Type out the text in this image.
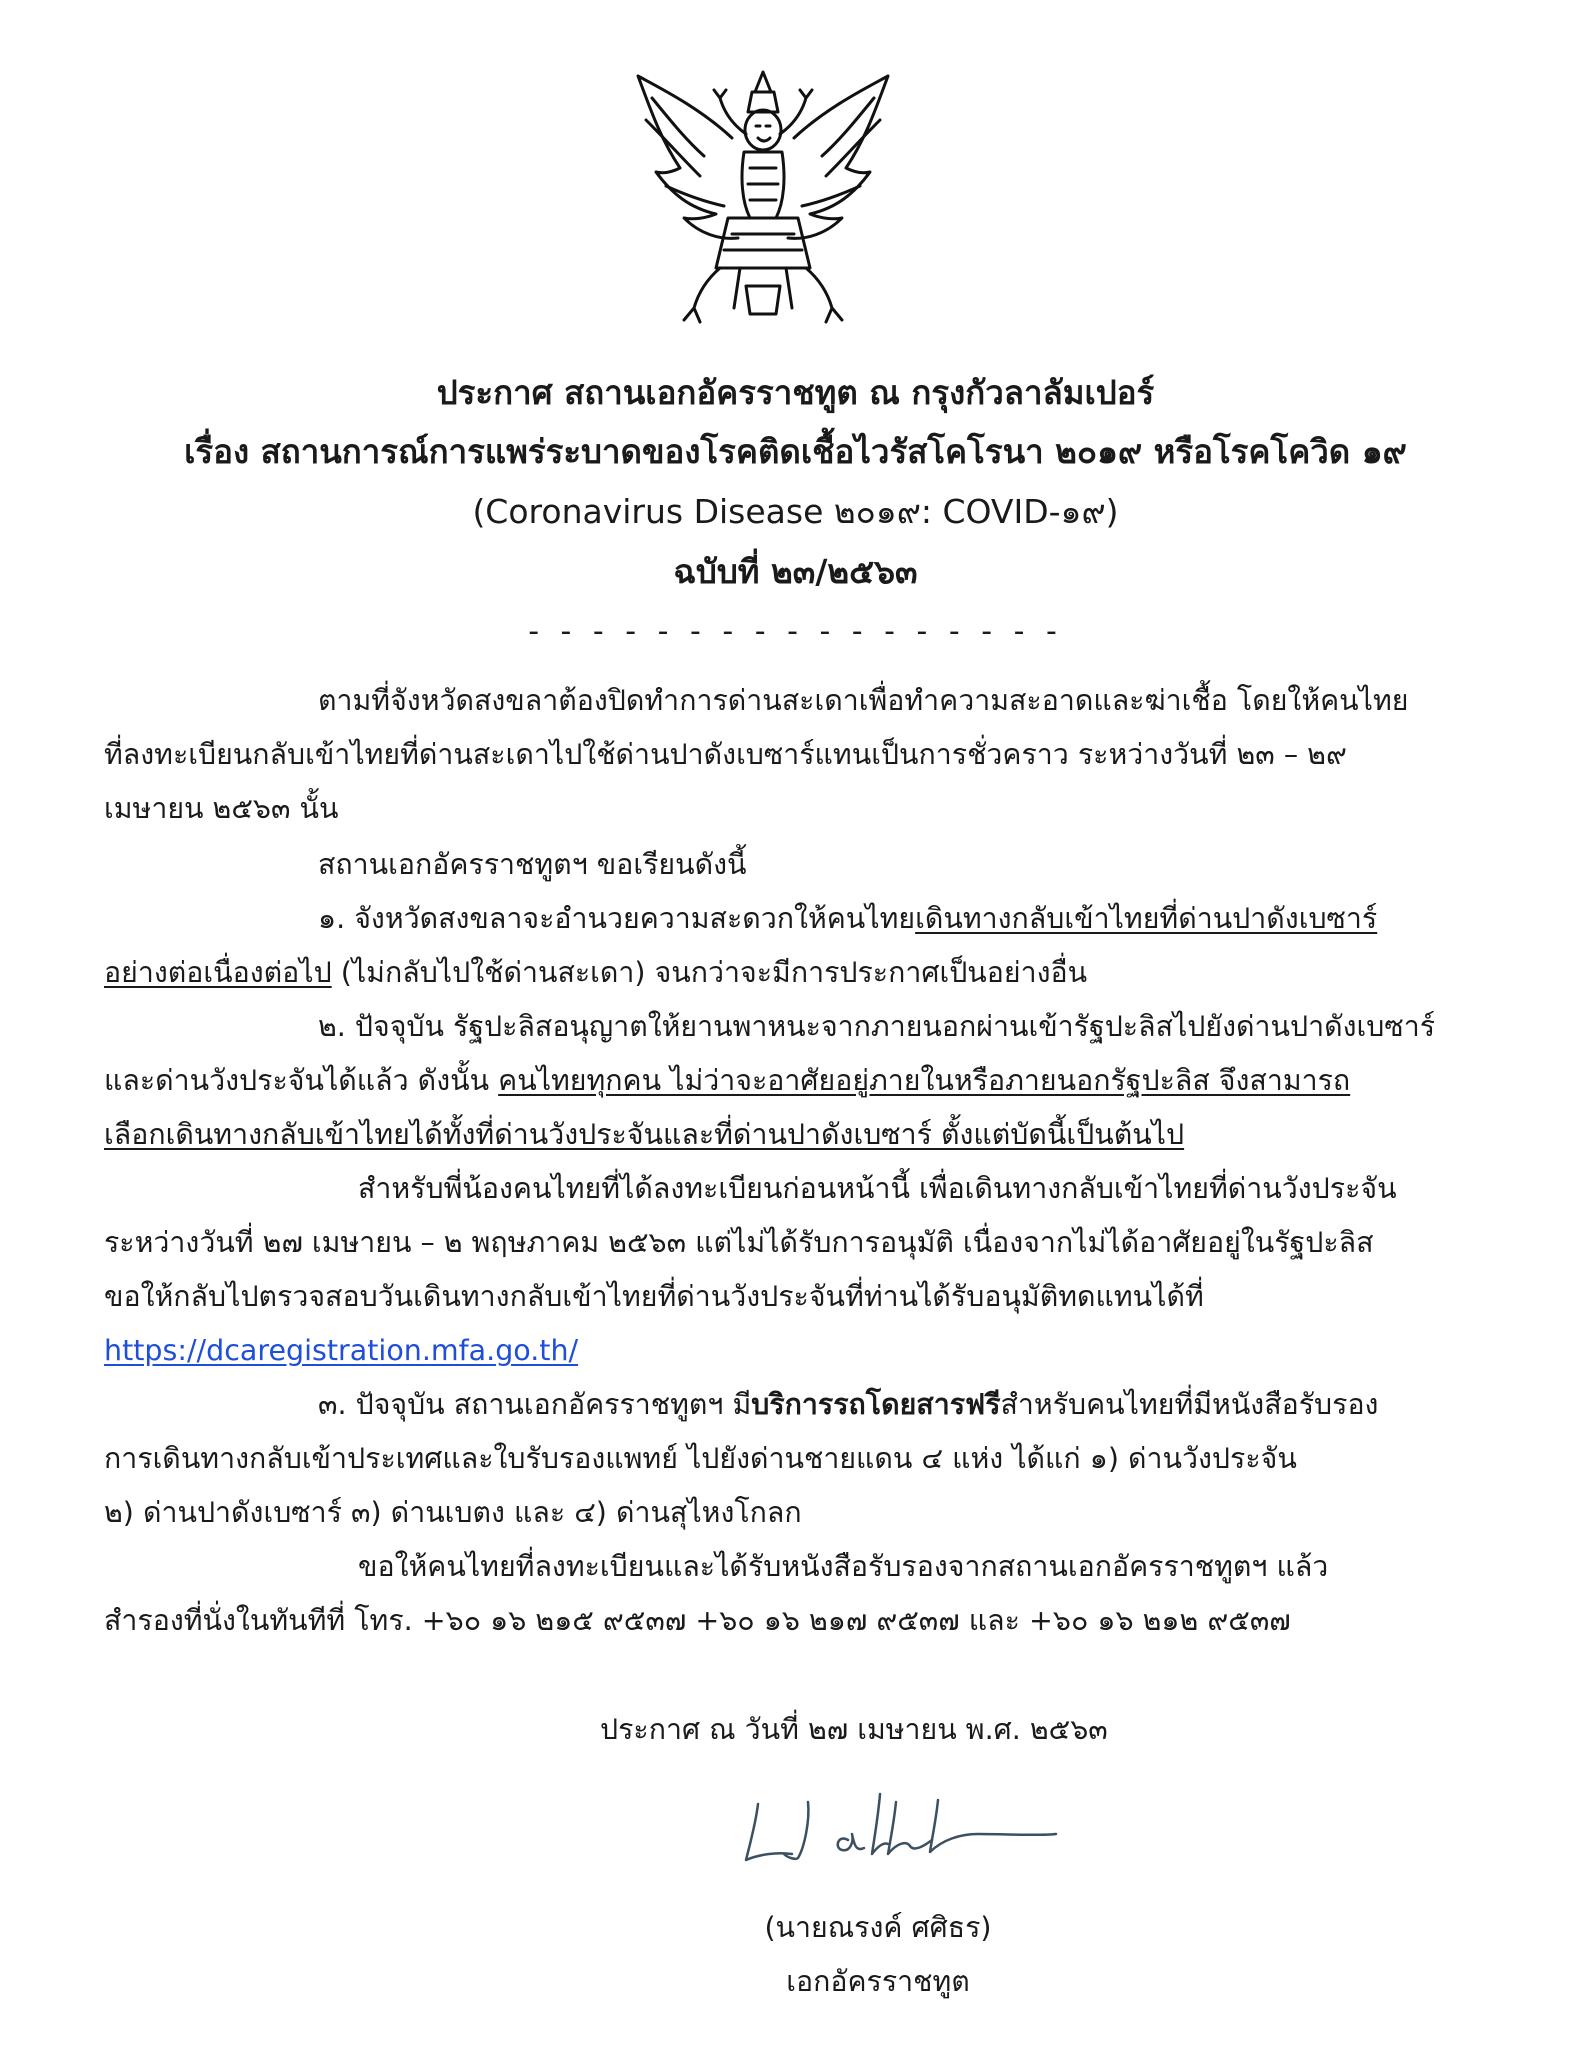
ประกาศ สถานเอกอัครราชทูต ณ กรุงกัวลาลัมเปอร์
เรื่อง สถานการณ์การแพร่ระบาดของโรคติดเชื้อไวรัสโคโรนา ๒๐๑๙ หรือโรคโควิด ๑๙
(Coronavirus Disease ๒๐๑๙: COVID-๑๙)
ฉบับที่ ๒๓/๒๕๖๓
- - - - - - - - - - - - - - - - -
ตามที่จังหวัดสงขลาต้องปิดทำการด่านสะเดาเพื่อทำความสะอาดและฆ่าเชื้อ โดยให้คนไทย
ที่ลงทะเบียนกลับเข้าไทยที่ด่านสะเดาไปใช้ด่านปาดังเบซาร์แทนเป็นการชั่วคราว ระหว่างวันที่ ๒๓ – ๒๙
เมษายน ๒๕๖๓ นั้น
สถานเอกอัครราชทูตฯ ขอเรียนดังนี้
๑. จังหวัดสงขลาจะอำนวยความสะดวกให้คนไทยเดินทางกลับเข้าไทยที่ด่านปาดังเบซาร์
อย่างต่อเนื่องต่อไป (ไม่กลับไปใช้ด่านสะเดา) จนกว่าจะมีการประกาศเป็นอย่างอื่น
๒. ปัจจุบัน รัฐปะลิสอนุญาตให้ยานพาหนะจากภายนอกผ่านเข้ารัฐปะลิสไปยังด่านปาดังเบซาร์
และด่านวังประจันได้แล้ว ดังนั้น คนไทยทุกคน ไม่ว่าจะอาศัยอยู่ภายในหรือภายนอกรัฐปะลิส จึงสามารถ
เลือกเดินทางกลับเข้าไทยได้ทั้งที่ด่านวังประจันและที่ด่านปาดังเบซาร์ ตั้งแต่บัดนี้เป็นต้นไป
สำหรับพี่น้องคนไทยที่ได้ลงทะเบียนก่อนหน้านี้ เพื่อเดินทางกลับเข้าไทยที่ด่านวังประจัน
ระหว่างวันที่ ๒๗ เมษายน – ๒ พฤษภาคม ๒๕๖๓ แต่ไม่ได้รับการอนุมัติ เนื่องจากไม่ได้อาศัยอยู่ในรัฐปะลิส
ขอให้กลับไปตรวจสอบวันเดินทางกลับเข้าไทยที่ด่านวังประจันที่ท่านได้รับอนุมัติทดแทนได้ที่
https://dcaregistration.mfa.go.th/
๓. ปัจจุบัน สถานเอกอัครราชทูตฯ มีบริการรถโดยสารฟรีสำหรับคนไทยที่มีหนังสือรับรอง
การเดินทางกลับเข้าประเทศและใบรับรองแพทย์ ไปยังด่านชายแดน ๔ แห่ง ได้แก่ ๑) ด่านวังประจัน
๒) ด่านปาดังเบซาร์ ๓) ด่านเบตง และ ๔) ด่านสุไหงโกลก
ขอให้คนไทยที่ลงทะเบียนและได้รับหนังสือรับรองจากสถานเอกอัครราชทูตฯ แล้ว
สำรองที่นั่งในทันทีที่ โทร. +๖๐ ๑๖ ๒๑๕ ๙๕๓๗ +๖๐ ๑๖ ๒๑๗ ๙๕๓๗ และ +๖๐ ๑๖ ๒๑๒ ๙๕๓๗
ประกาศ ณ วันที่ ๒๗ เมษายน พ.ศ. ๒๕๖๓
(นายณรงค์ ศศิธร)
เอกอัครราชทูต
